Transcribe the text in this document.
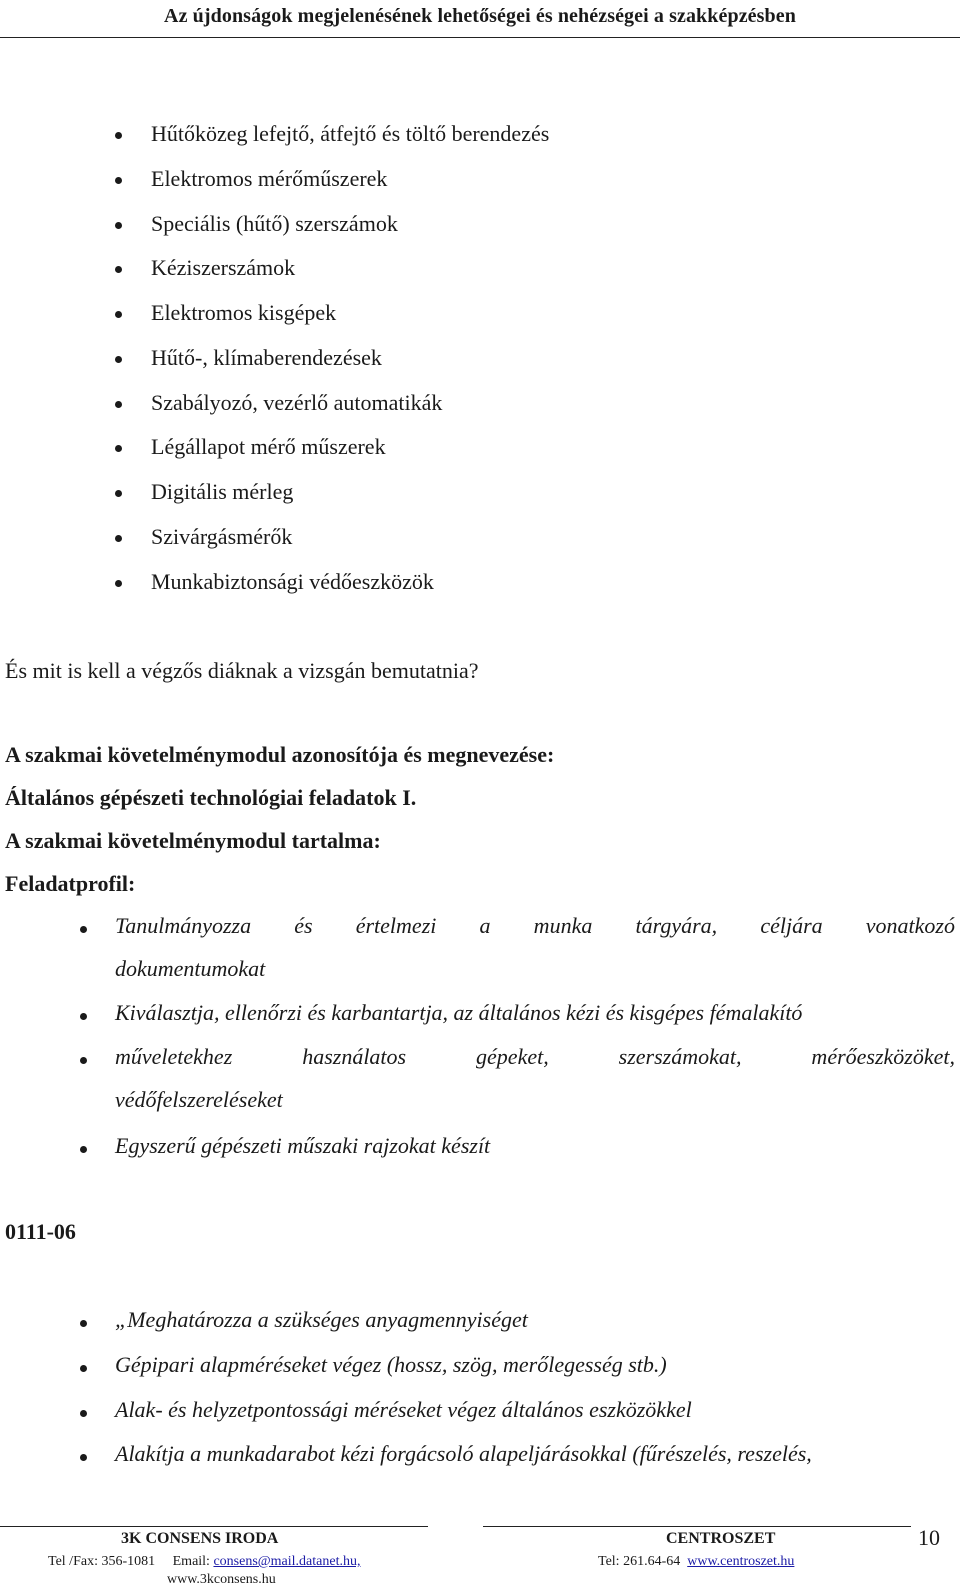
Az újdonságok megjelenésének lehetőségei és nehézségei a szakképzésben
Hűtőközeg lefejtő, átfejtő és töltő berendezés
Elektromos mérőműszerek
Speciális (hűtő) szerszámok
Kéziszerszámok
Elektromos kisgépek
Hűtő-, klímaberendezések
Szabályozó, vezérlő automatikák
Légállapot mérő műszerek
Digitális mérleg
Szivárgásmérők
Munkabiztonsági védőeszközök
És mit is kell a végzős diáknak a vizsgán bemutatnia?
A szakmai követelménymodul azonosítója és megnevezése:
Általános gépészeti technológiai feladatok I.
A szakmai követelménymodul tartalma:
Feladatprofil:
Tanulmányozza és értelmezi a munka tárgyára, céljára vonatkozó
dokumentumokat
Kiválasztja, ellenőrzi és karbantartja, az általános kézi és kisgépes fémalakító
műveletekhez használatos gépeket, szerszámokat, mérőeszközöket,
védőfelszereléseket
Egyszerű gépészeti műszaki rajzokat készít
0111-06
„Meghatározza a szükséges anyagmennyiséget
Gépipari alapméréseket végez (hossz, szög, merőlegesség stb.)
Alak- és helyzetpontossági méréseket végez általános eszközökkel
Alakítja a munkadarabot kézi forgácsoló alapeljárásokkal (fűrészelés, reszelés,
3K CONSENS IRODA	CENTROSZET	10
Tel /Fax: 356-1081 Email: consens@mail.datanet.hu,
www.3kconsens.hu
Tel: 261.64-64 www.centroszet.hu
